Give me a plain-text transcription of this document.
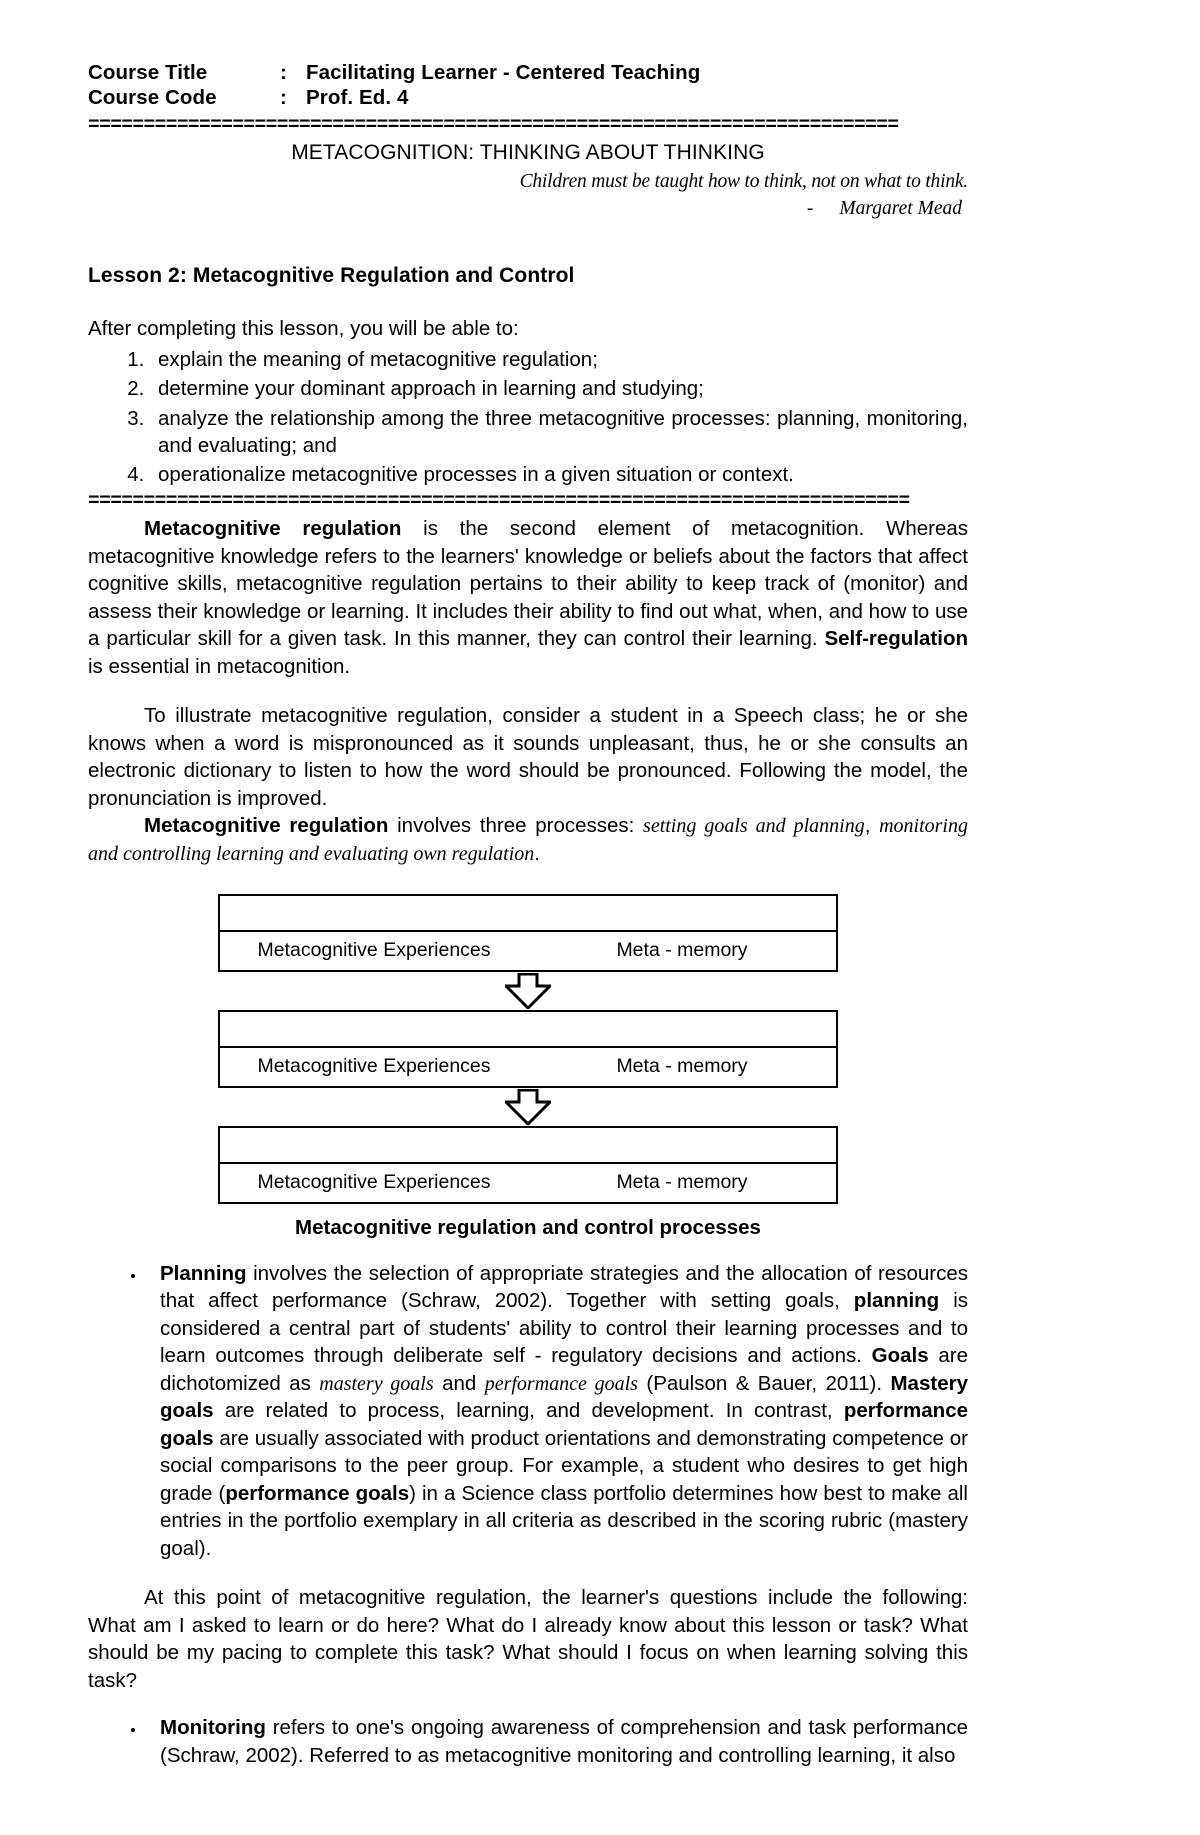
Course Title	: Facilitating Learner - Centered Teaching
Course Code	: Prof. Ed. 4
=========================================================================
METACOGNITION: THINKING ABOUT THINKING
Children must be taught how to think, not on what to think.
- Margaret Mead
Lesson 2: Metacognitive Regulation and Control
After completing this lesson, you will be able to:
1. explain the meaning of metacognitive regulation;
2. determine your dominant approach in learning and studying;
3. analyze the relationship among the three metacognitive processes: planning, monitoring, and evaluating; and
4. operationalize metacognitive processes in a given situation or context.
==========================================================================

Metacognitive regulation is the second element of metacognition. Whereas metacognitive knowledge refers to the learners' knowledge or beliefs about the factors that affect cognitive skills, metacognitive regulation pertains to their ability to keep track of (monitor) and assess their knowledge or learning. It includes their ability to find out what, when, and how to use a particular skill for a given task. In this manner, they can control their learning. Self-regulation is essential in metacognition.

To illustrate metacognitive regulation, consider a student in a Speech class; he or she knows when a word is mispronounced as it sounds unpleasant, thus, he or she consults an electronic dictionary to listen to how the word should be pronounced. Following the model, the pronunciation is improved.

Metacognitive regulation involves three processes: setting goals and planning, monitoring and controlling learning and evaluating own regulation.

Metacognitive Experiences	Meta - memory
Metacognitive Experiences	Meta - memory
Metacognitive Experiences	Meta - memory
Metacognitive regulation and control processes
• Planning involves the selection of appropriate strategies and the allocation of resources that affect performance (Schraw, 2002). Together with setting goals, planning is considered a central part of students' ability to control their learning processes and to learn outcomes through deliberate self - regulatory decisions and actions. Goals are dichotomized as mastery goals and performance goals (Paulson & Bauer, 2011). Mastery goals are related to process, learning, and development. In contrast, performance goals are usually associated with product orientations and demonstrating competence or social comparisons to the peer group. For example, a student who desires to get high grade (performance goals) in a Science class portfolio determines how best to make all entries in the portfolio exemplary in all criteria as described in the scoring rubric (mastery goal).

At this point of metacognitive regulation, the learner's questions include the following: What am I asked to learn or do here? What do I already know about this lesson or task? What should be my pacing to complete this task? What should I focus on when learning solving this task?

• Monitoring refers to one's ongoing awareness of comprehension and task performance (Schraw, 2002). Referred to as metacognitive monitoring and controlling learning, it also
